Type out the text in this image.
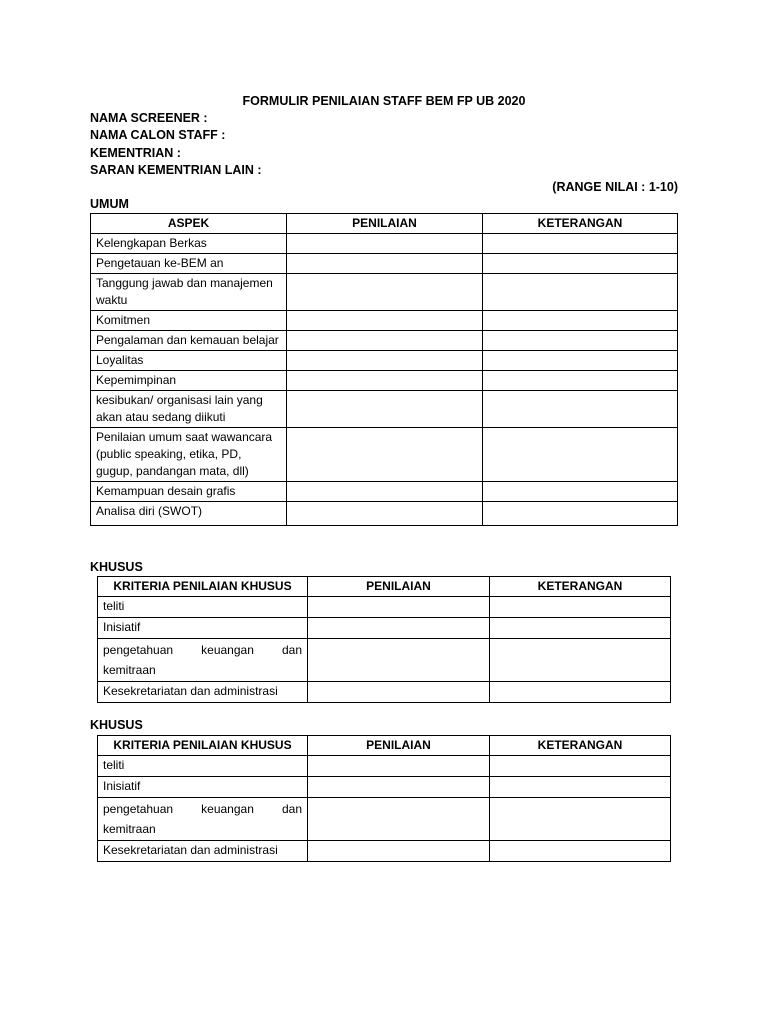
FORMULIR PENILAIAN STAFF BEM FP UB 2020
NAMA SCREENER :
NAMA CALON STAFF :
KEMENTRIAN :
SARAN KEMENTRIAN LAIN :
(RANGE NILAI : 1-10)
UMUM
ASPEK	PENILAIAN	KETERANGAN
Kelengkapan Berkas		
Pengetauan ke-BEM an		
Tanggung jawab dan manajemen waktu		
Komitmen		
Pengalaman dan kemauan belajar		
Loyalitas		
Kepemimpinan		
kesibukan/ organisasi lain yang akan atau sedang diikuti		
Penilaian umum saat wawancara (public speaking, etika, PD, gugup, pandangan mata, dll)		
Kemampuan desain grafis		
Analisa diri (SWOT)		
KHUSUS
KRITERIA PENILAIAN KHUSUS	PENILAIAN	KETERANGAN
teliti		
Inisiatif		
pengetahuan keuangan dan kemitraan		
Kesekretariatan dan administrasi		
KHUSUS
KRITERIA PENILAIAN KHUSUS	PENILAIAN	KETERANGAN
teliti		
Inisiatif		
pengetahuan keuangan dan kemitraan		
Kesekretariatan dan administrasi		
